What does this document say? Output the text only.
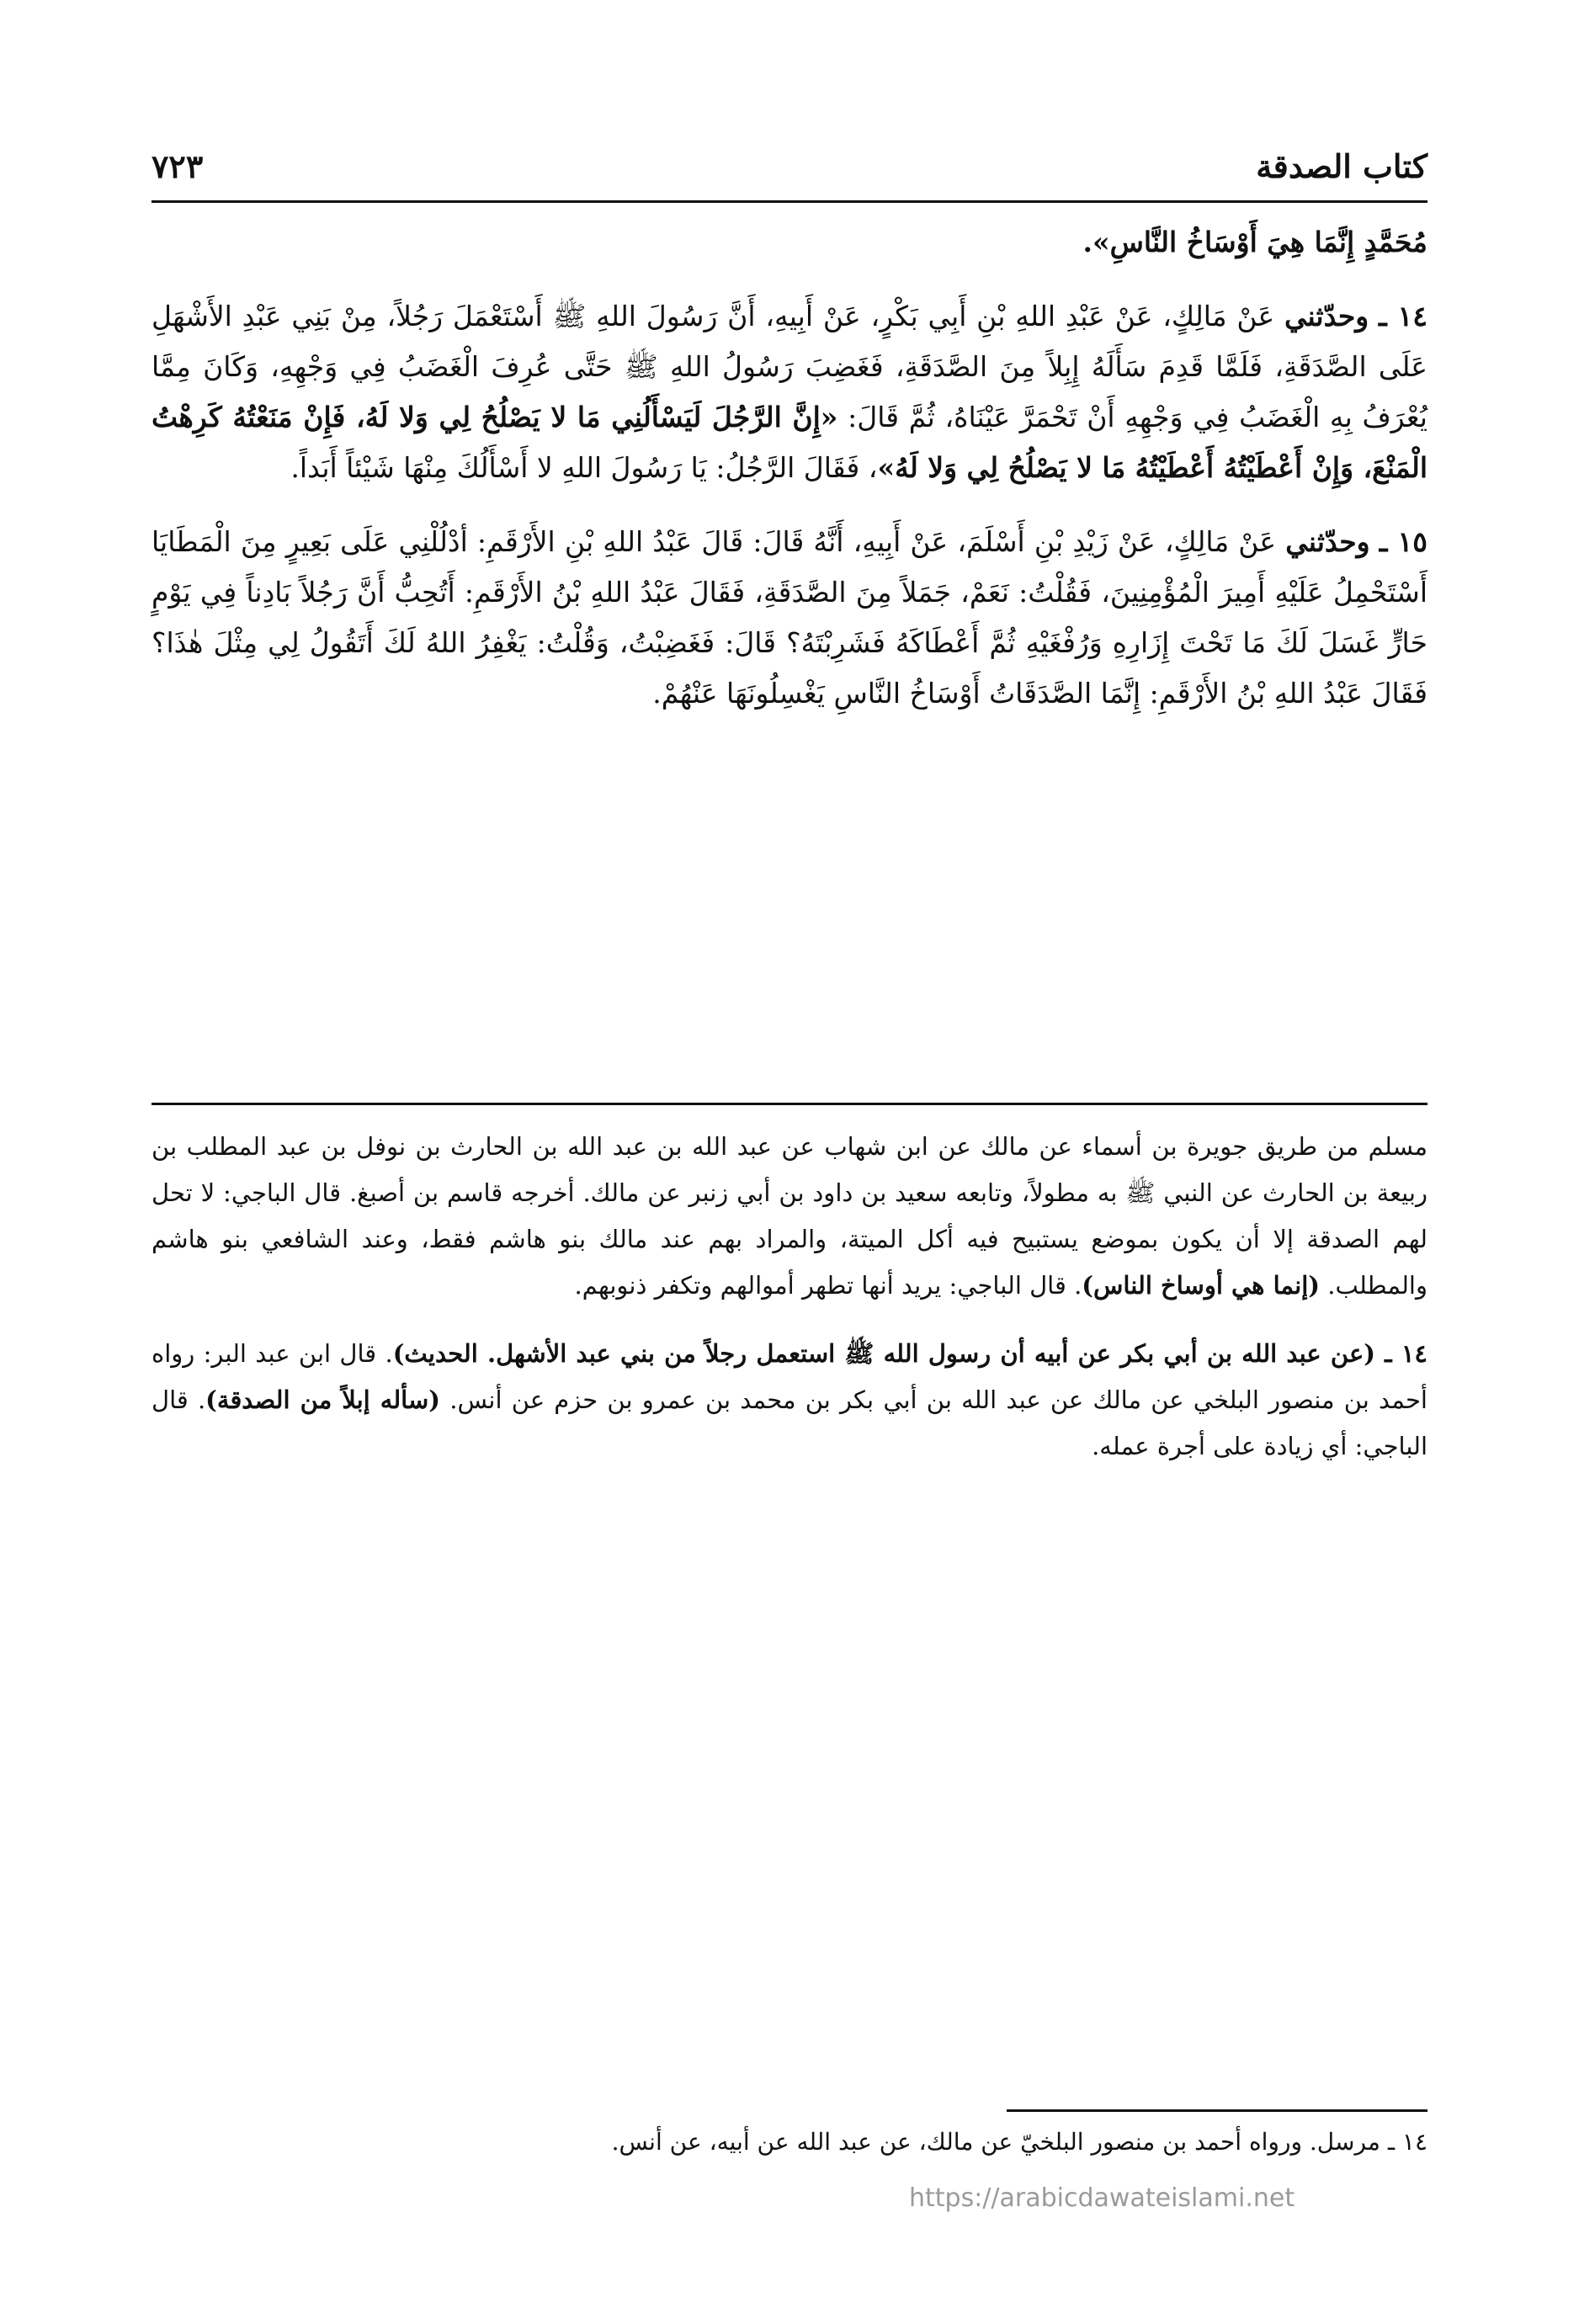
كتاب الصدقة
٧٢٣

مُحَمَّدٍ إِنَّمَا هِيَ أَوْسَاخُ النَّاسِ».

١٤ ـ وحدّثني عَنْ مَالِكٍ، عَنْ عَبْدِ اللهِ بْنِ أَبِي بَكْرٍ، عَنْ أَبِيهِ، أَنَّ رَسُولَ اللهِ ﷺ أَسْتَعْمَلَ رَجُلاً، مِنْ بَنِي عَبْدِ الأَشْهَلِ عَلَى الصَّدَقَةِ، فَلَمَّا قَدِمَ سَأَلَهُ إِبِلاً مِنَ الصَّدَقَةِ، فَغَضِبَ رَسُولُ اللهِ ﷺ حَتَّى عُرِفَ الْغَضَبُ فِي وَجْهِهِ، وَكَانَ مِمَّا يُعْرَفُ بِهِ الْغَضَبُ فِي وَجْهِهِ أَنْ تَحْمَرَّ عَيْنَاهُ، ثُمَّ قَالَ: «إِنَّ الرَّجُلَ لَيَسْأَلُنِي مَا لا يَصْلُحُ لِي وَلا لَهُ، فَإِنْ مَنَعْتُهُ كَرِهْتُ الْمَنْعَ، وَإِنْ أَعْطَيْتُهُ أَعْطَيْتُهُ مَا لا يَصْلُحُ لِي وَلا لَهُ»، فَقَالَ الرَّجُلُ: يَا رَسُولَ اللهِ لا أَسْأَلُكَ مِنْهَا شَيْئاً أَبَداً.

١٥ ـ وحدّثني عَنْ مَالِكٍ، عَنْ زَيْدِ بْنِ أَسْلَمَ، عَنْ أَبِيهِ، أَنَّهُ قَالَ: قَالَ عَبْدُ اللهِ بْنِ الأَرْقَمِ: أدْلُلْنِي عَلَى بَعِيرٍ مِنَ الْمَطَايَا أَسْتَحْمِلُ عَلَيْهِ أَمِيرَ الْمُؤْمِنِينَ، فَقُلْتُ: نَعَمْ، جَمَلاً مِنَ الصَّدَقَةِ، فَقَالَ عَبْدُ اللهِ بْنُ الأَرْقَمِ: أَتُحِبُّ أَنَّ رَجُلاً بَادِناً فِي يَوْمٍ حَارٍّ غَسَلَ لَكَ مَا تَحْتَ إِزَارِهِ وَرُفْغَيْهِ ثُمَّ أَعْطَاكَهُ فَشَرِبْتَهُ؟ قَالَ: فَغَضِبْتُ، وَقُلْتُ: يَغْفِرُ اللهُ لَكَ أَتَقُولُ لِي مِثْلَ هٰذَا؟ فَقَالَ عَبْدُ اللهِ بْنُ الأَرْقَمِ: إِنَّمَا الصَّدَقَاتُ أَوْسَاخُ النَّاسِ يَغْسِلُونَهَا عَنْهُمْ.

مسلم من طريق جويرة بن أسماء عن مالك عن ابن شهاب عن عبد الله بن عبد الله بن الحارث بن نوفل بن عبد المطلب بن ربيعة بن الحارث عن النبي ﷺ به مطولاً، وتابعه سعيد بن داود بن أبي زنبر عن مالك. أخرجه قاسم بن أصبغ. قال الباجي: لا تحل لهم الصدقة إلا أن يكون بموضع يستبيح فيه أكل الميتة، والمراد بهم عند مالك بنو هاشم فقط، وعند الشافعي بنو هاشم والمطلب. (إنما هي أوساخ الناس). قال الباجي: يريد أنها تطهر أموالهم وتكفر ذنوبهم.

١٤ ـ (عن عبد الله بن أبي بكر عن أبيه أن رسول الله ﷺ استعمل رجلاً من بني عبد الأشهل. الحديث). قال ابن عبد البر: رواه أحمد بن منصور البلخي عن مالك عن عبد الله بن أبي بكر بن محمد بن عمرو بن حزم عن أنس. (سأله إبلاً من الصدقة). قال الباجي: أي زيادة على أجرة عمله.

١٤ ـ مرسل. ورواه أحمد بن منصور البلخيّ عن مالك، عن عبد الله عن أبيه، عن أنس.
https://arabicdawateislami.net
